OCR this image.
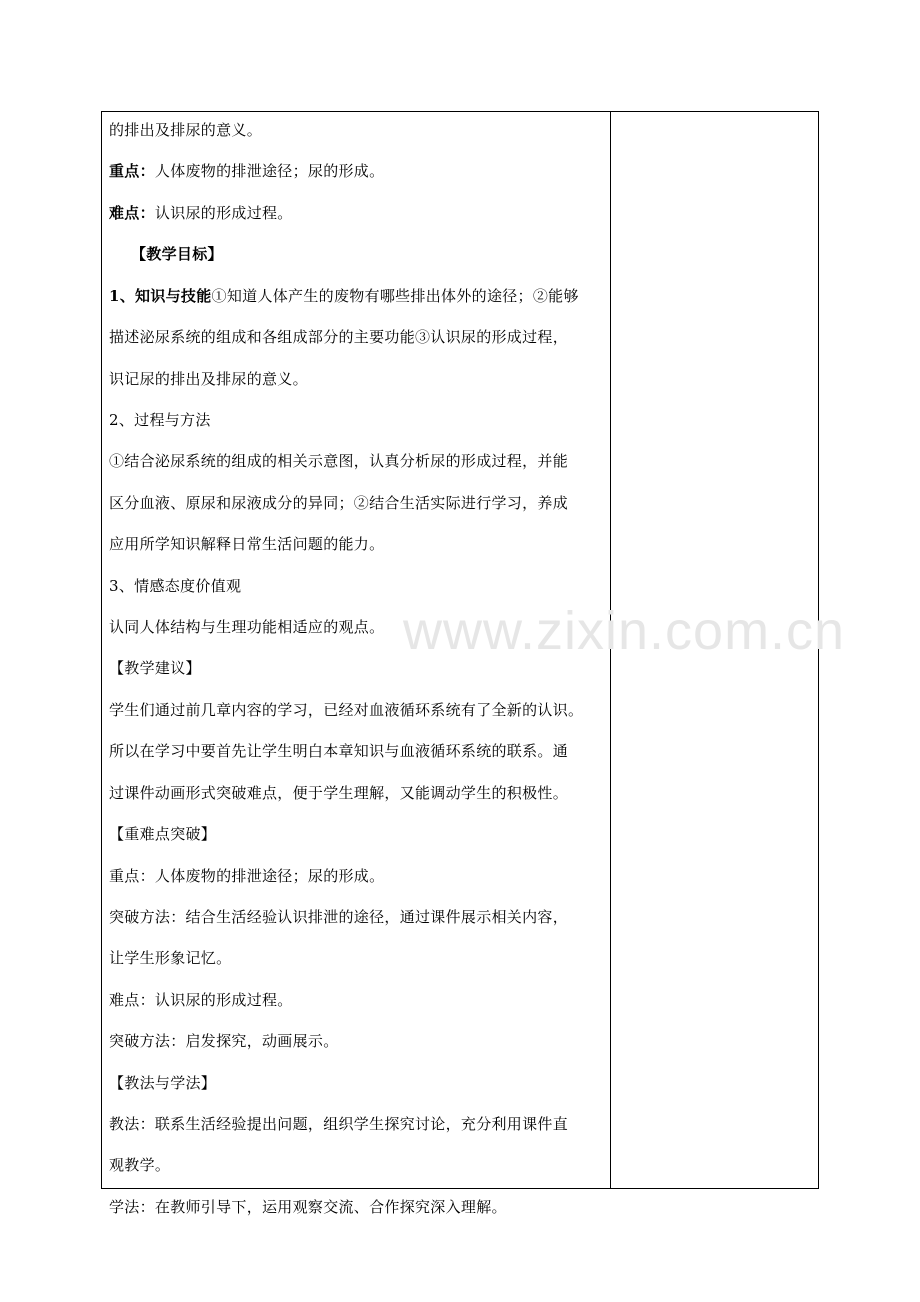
的排出及排尿的意义。
重点：人体废物的排泄途径；尿的形成。
难点：认识尿的形成过程。
【教学目标】
1、知识与技能①知道人体产生的废物有哪些排出体外的途径；②能够
描述泌尿系统的组成和各组成部分的主要功能③认识尿的形成过程，
识记尿的排出及排尿的意义。
2、过程与方法
①结合泌尿系统的组成的相关示意图，认真分析尿的形成过程，并能
区分血液、原尿和尿液成分的异同；②结合生活实际进行学习，养成
应用所学知识解释日常生活问题的能力。
3、情感态度价值观
认同人体结构与生理功能相适应的观点。
【教学建议】
学生们通过前几章内容的学习，已经对血液循环系统有了全新的认识。
所以在学习中要首先让学生明白本章知识与血液循环系统的联系。通
过课件动画形式突破难点，便于学生理解，又能调动学生的积极性。
【重难点突破】
重点：人体废物的排泄途径；尿的形成。
突破方法：结合生活经验认识排泄的途径，通过课件展示相关内容，
让学生形象记忆。
难点：认识尿的形成过程。
突破方法：启发探究，动画展示。
【教法与学法】
教法：联系生活经验提出问题，组织学生探究讨论，充分利用课件直
观教学。
学法：在教师引导下，运用观察交流、合作探究深入理解。
www.zixin.com.cn
